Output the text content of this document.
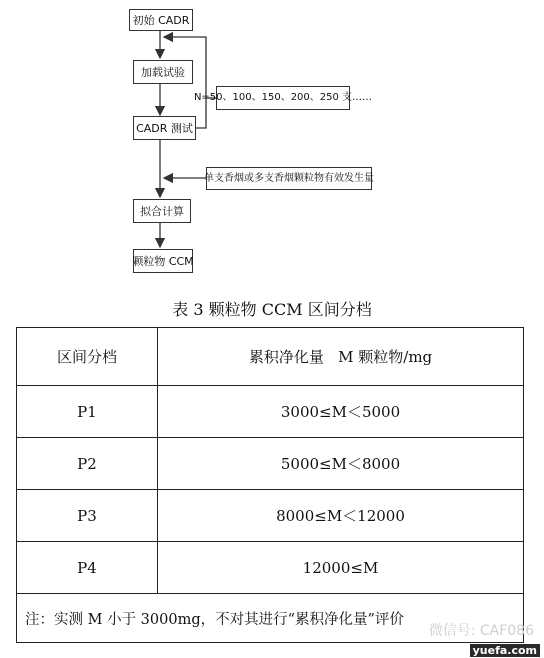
初始 CADR
加载试验
CADR 测试
拟合计算
颗粒物 CCM
N=50、100、150、200、250 支……
单支香烟或多支香烟颗粒物有效发生量
表 3 颗粒物 CCM 区间分档
区间分档	累积净化量   M 颗粒物/mg
P1	3000≤M＜5000
P2	5000≤M＜8000
P3	8000≤M＜12000
P4	12000≤M
注：实测 M 小于 3000mg，不对其进行“累积净化量”评价	
微信号: CAF086
yuefa.com
